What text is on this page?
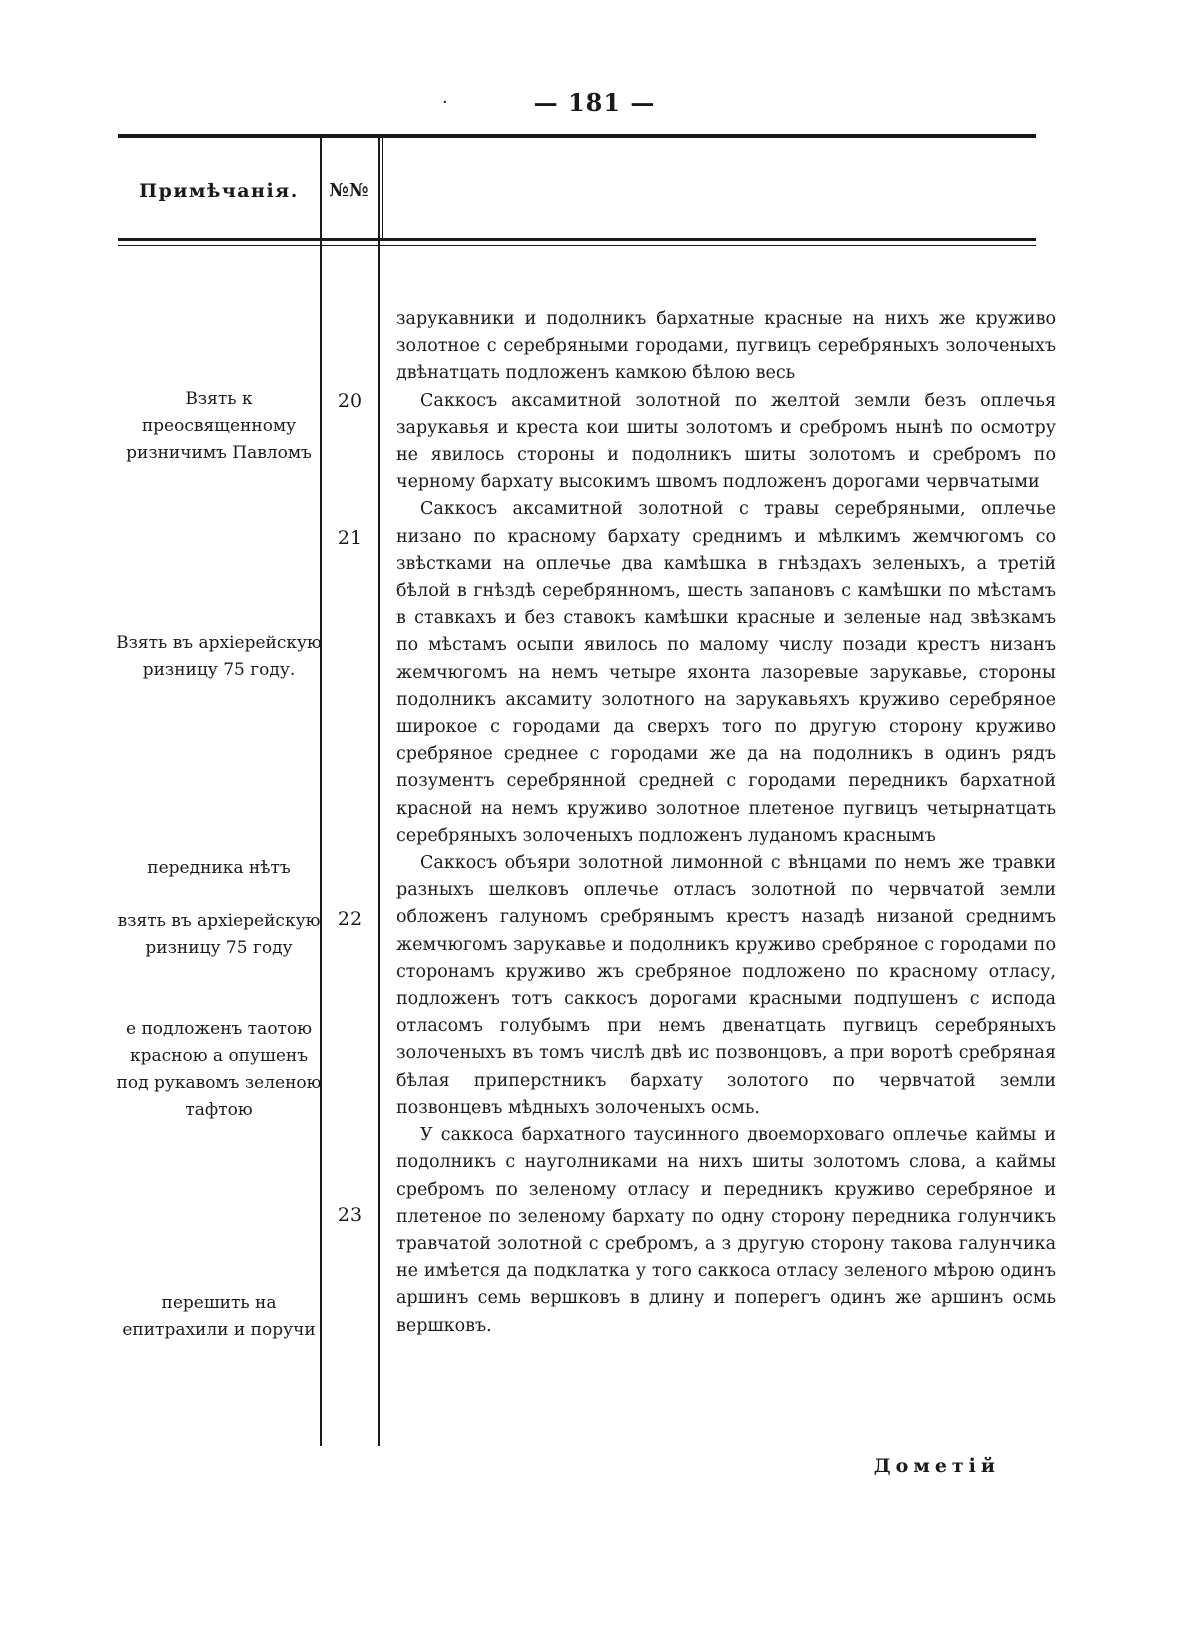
— 181 —
·
Примѣчанія.	№№
Взять к преосвященному ризничимъ Павломъ
Взять въ архіерейскую ризницу 75 году.
передника нѣтъ
взять въ архіерейскую ризницу 75 году
е подложенъ таотою красною а опушенъ под рукавомъ зеленою тафтою
перешить на епитрахили и поручи
20
21
22
23

зарукавники и подолникъ бархатные красные на нихъ же круживо золотное с серебряными городами, пугвицъ серебряныхъ золоченыхъ двѣнатцать подложенъ камкою бѣлою весь

Саккосъ аксамитной золотной по желтой земли безъ оплечья зарукавья и креста кои шиты золотомъ и сребромъ нынѣ по осмотру не явилось стороны и подолникъ шиты золотомъ и сребромъ по черному бархату высокимъ швомъ подложенъ дорогами червчатыми

Саккосъ аксамитной золотной с травы серебряными, оплечье низано по красному бархату среднимъ и мѣлкимъ жемчюгомъ со звѣстками на оплечье два камѣшка в гнѣздахъ зеленыхъ, а третій бѣлой в гнѣздѣ серебрянномъ, шесть запановъ с камѣшки по мѣстамъ в ставкахъ и без ставокъ камѣшки красные и зеленые над звѣзкамъ по мѣстамъ осыпи явилось по малому числу позади крестъ низанъ жемчюгомъ на немъ четыре яхонта лазоревые зарукавье, стороны подолникъ аксамиту золотного на зарукавьяхъ круживо серебряное широкое с городами да сверхъ того по другую сторону круживо сребряное среднее с городами же да на подолникъ в одинъ рядъ позументъ серебрянной средней с городами передникъ бархатной красной на немъ круживо золотное плетеное пугвицъ четырнатцать серебряныхъ золоченыхъ подложенъ луданомъ краснымъ

Саккосъ объяри золотной лимонной с вѣнцами по немъ же травки разныхъ шелковъ оплечье отласъ золотной по червчатой земли обложенъ галуномъ сребрянымъ крестъ назадѣ низаной среднимъ жемчюгомъ зарукавье и подолникъ круживо сребряное с городами по сторонамъ круживо жъ сребряное подложено по красному отласу, подложенъ тотъ саккосъ дорогами красными подпушенъ с испода отласомъ голубымъ при немъ двенатцать пугвицъ серебряныхъ золоченыхъ въ томъ числѣ двѣ ис позвонцовъ, а при воротѣ сребряная бѣлая приперстникъ бархату золотого по червчатой земли позвонцевъ мѣдныхъ золоченыхъ осмь.

У саккоса бархатного таусинного двоеморховаго оплечье каймы и подолникъ с науголниками на нихъ шиты золотомъ слова, а каймы сребромъ по зеленому отласу и передникъ круживо серебряное и плетеное по зеленому бархату по одну сторону передника голунчикъ травчатой золотной с сребромъ, а з другую сторону такова галунчика не имѣется да подклатка у того саккоса отласу зеленого мѣрою одинъ аршинъ семь вершковъ в длину и поперегъ одинъ же аршинъ осмь вершковъ.

Дометій
